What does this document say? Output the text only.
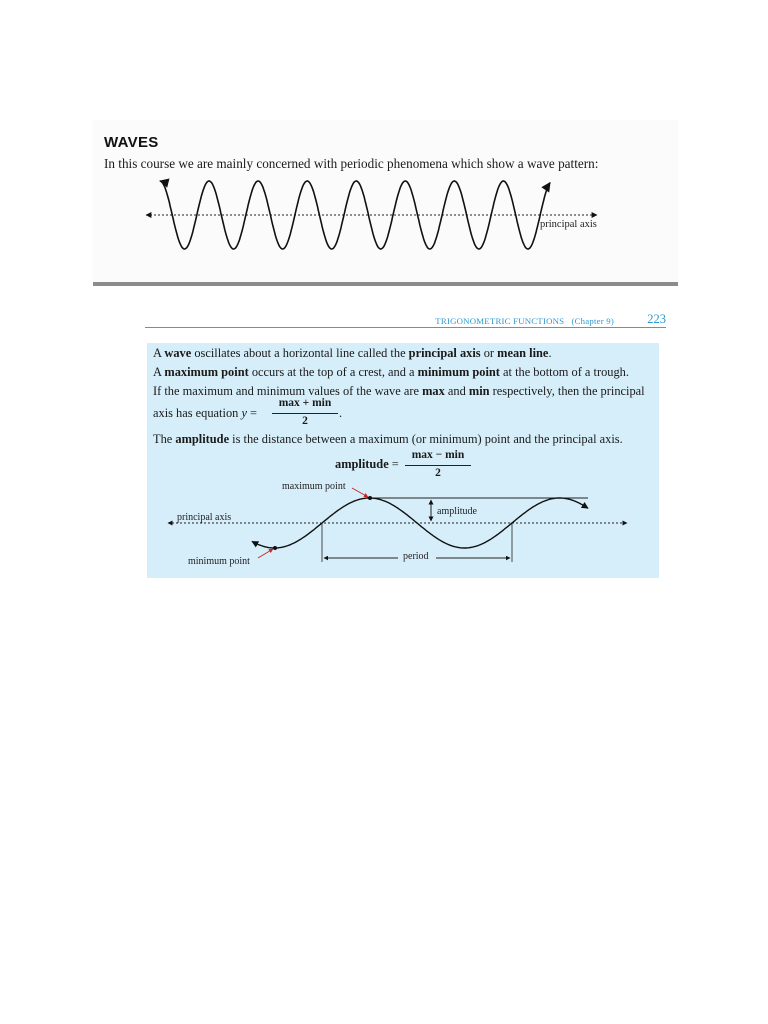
WAVES
In this course we are mainly concerned with periodic phenomena which show a wave pattern:
principal axis
TRIGONOMETRIC FUNCTIONS (Chapter 9)	223
A wave oscillates about a horizontal line called the principal axis or mean line.
A maximum point occurs at the top of a crest, and a minimum point at the bottom of a trough.
If the maximum and minimum values of the wave are max and min respectively, then the principal
axis has equation y =
max + min
2
.
The amplitude is the distance between a maximum (or minimum) point and the principal axis.
amplitude =
max − min
2
maximum point
minimum point
principal axis
amplitude
period
